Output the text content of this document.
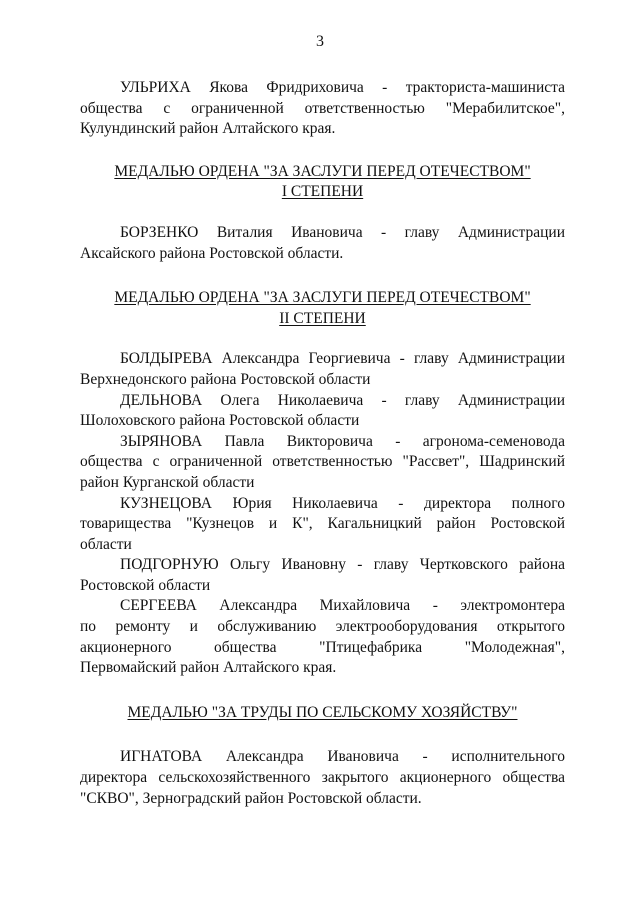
3
УЛЬРИХА Якова Фридриховича - тракториста-машиниста
общества с ограниченной ответственностью "Мерабилитское",
Кулундинский район Алтайского края.
МЕДАЛЬЮ ОРДЕНА "ЗА ЗАСЛУГИ ПЕРЕД ОТЕЧЕСТВОМ"
I СТЕПЕНИ
БОРЗЕНКО Виталия Ивановича - главу Администрации
Аксайского района Ростовской области.
МЕДАЛЬЮ ОРДЕНА "ЗА ЗАСЛУГИ ПЕРЕД ОТЕЧЕСТВОМ"
II СТЕПЕНИ
БОЛДЫРЕВА Александра Георгиевича - главу Администрации
Верхнедонского района Ростовской области
ДЕЛЬНОВА Олега Николаевича - главу Администрации
Шолоховского района Ростовской области
ЗЫРЯНОВА Павла Викторовича - агронома-семеновода
общества с ограниченной ответственностью "Рассвет", Шадринский
район Курганской области
КУЗНЕЦОВА Юрия Николаевича - директора полного
товарищества "Кузнецов и К", Кагальницкий район Ростовской
области
ПОДГОРНУЮ Ольгу Ивановну - главу Чертковского района
Ростовской области
СЕРГЕЕВА Александра Михайловича - электромонтера
по ремонту и обслуживанию электрооборудования открытого
акционерного общества "Птицефабрика "Молодежная",
Первомайский район Алтайского края.
МЕДАЛЬЮ "ЗА ТРУДЫ ПО СЕЛЬСКОМУ ХОЗЯЙСТВУ"
ИГНАТОВА Александра Ивановича - исполнительного
директора сельскохозяйственного закрытого акционерного общества
"СКВО", Зерноградский район Ростовской области.
